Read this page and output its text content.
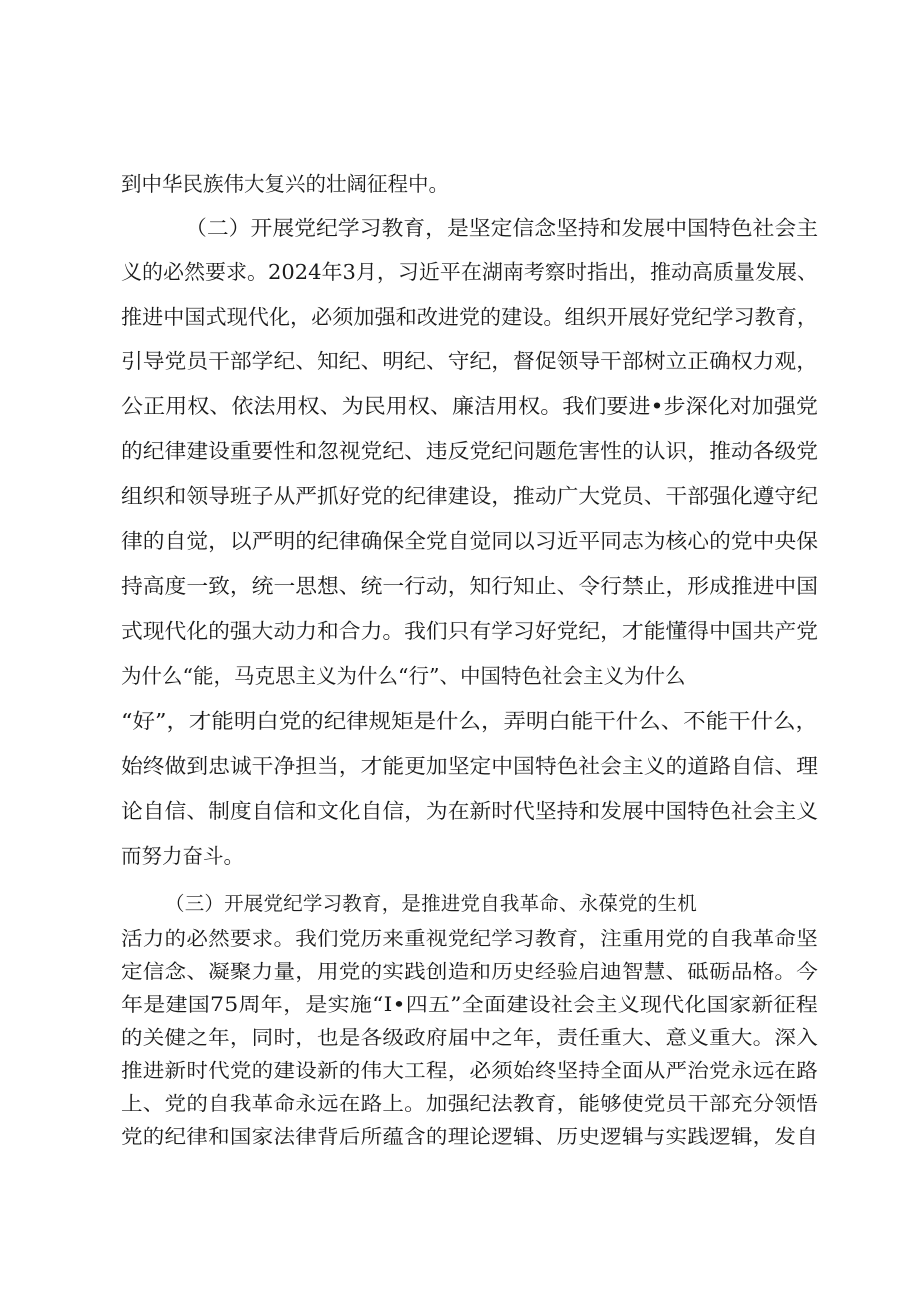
到中华民族伟大复兴的壮阔征程中。

（二）开展党纪学习教育，是坚定信念坚持和发展中国特色社会主

义的必然要求。2024年3月，习近平在湖南考察时指出，推动高质量发展、

推进中国式现代化，必须加强和改进党的建设。组织开展好党纪学习教育，

引导党员干部学纪、知纪、明纪、守纪，督促领导干部树立正确权力观，

公正用权、依法用权、为民用权、廉洁用权。我们要进•步深化对加强党

的纪律建设重要性和忽视党纪、违反党纪问题危害性的认识，推动各级党

组织和领导班子从严抓好党的纪律建设，推动广大党员、干部强化遵守纪

律的自觉，以严明的纪律确保全党自觉同以习近平同志为核心的党中央保

持高度一致，统一思想、统一行动，知行知止、令行禁止，形成推进中国

式现代化的强大动力和合力。我们只有学习好党纪，才能懂得中国共产党

为什么“能，马克思主义为什么“行”、中国特色社会主义为什么

“好”，才能明白党的纪律规矩是什么，弄明白能干什么、不能干什么，

始终做到忠诚干净担当，才能更加坚定中国特色社会主义的道路自信、理

论自信、制度自信和文化自信，为在新时代坚持和发展中国特色社会主义

而努力奋斗。

（三）开展党纪学习教育，是推进党自我革命、永葆党的生机

活力的必然要求。我们党历来重视党纪学习教育，注重用党的自我革命坚

定信念、凝聚力量，用党的实践创造和历史经验启迪智慧、砥砺品格。今

年是建国75周年，是实施“I•四五”全面建设社会主义现代化国家新征程

的关健之年，同时，也是各级政府届中之年，责任重大、意义重大。深入

推进新时代党的建设新的伟大工程，必须始终坚持全面从严治党永远在路

上、党的自我革命永远在路上。加强纪法教育，能够使党员干部充分领悟

党的纪律和国家法律背后所蕴含的理论逻辑、历史逻辑与实践逻辑，发自
